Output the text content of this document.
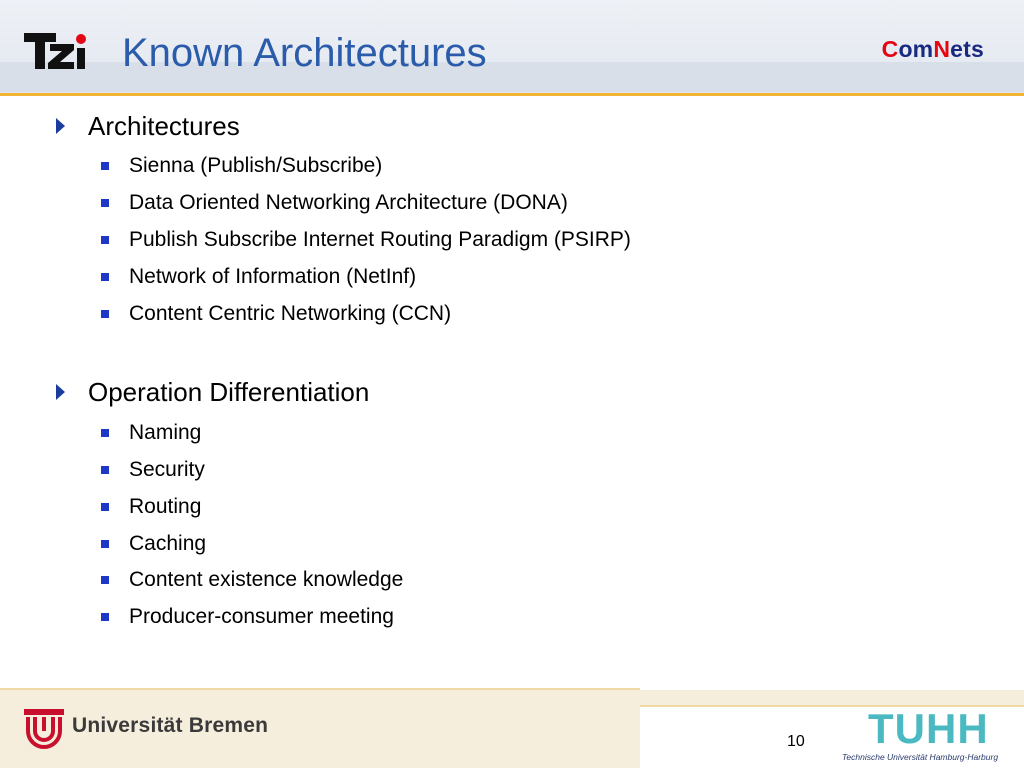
Known Architectures	ComNets
Architectures
Sienna (Publish/Subscribe)
Data Oriented Networking Architecture (DONA)
Publish Subscribe Internet Routing Paradigm (PSIRP)
Network of Information (NetInf)
Content Centric Networking (CCN)
Operation Differentiation
Naming
Security
Routing
Caching
Content existence knowledge
Producer-consumer meeting
Universität Bremen
10 TUHH
Technische Universität Hamburg-Harburg
